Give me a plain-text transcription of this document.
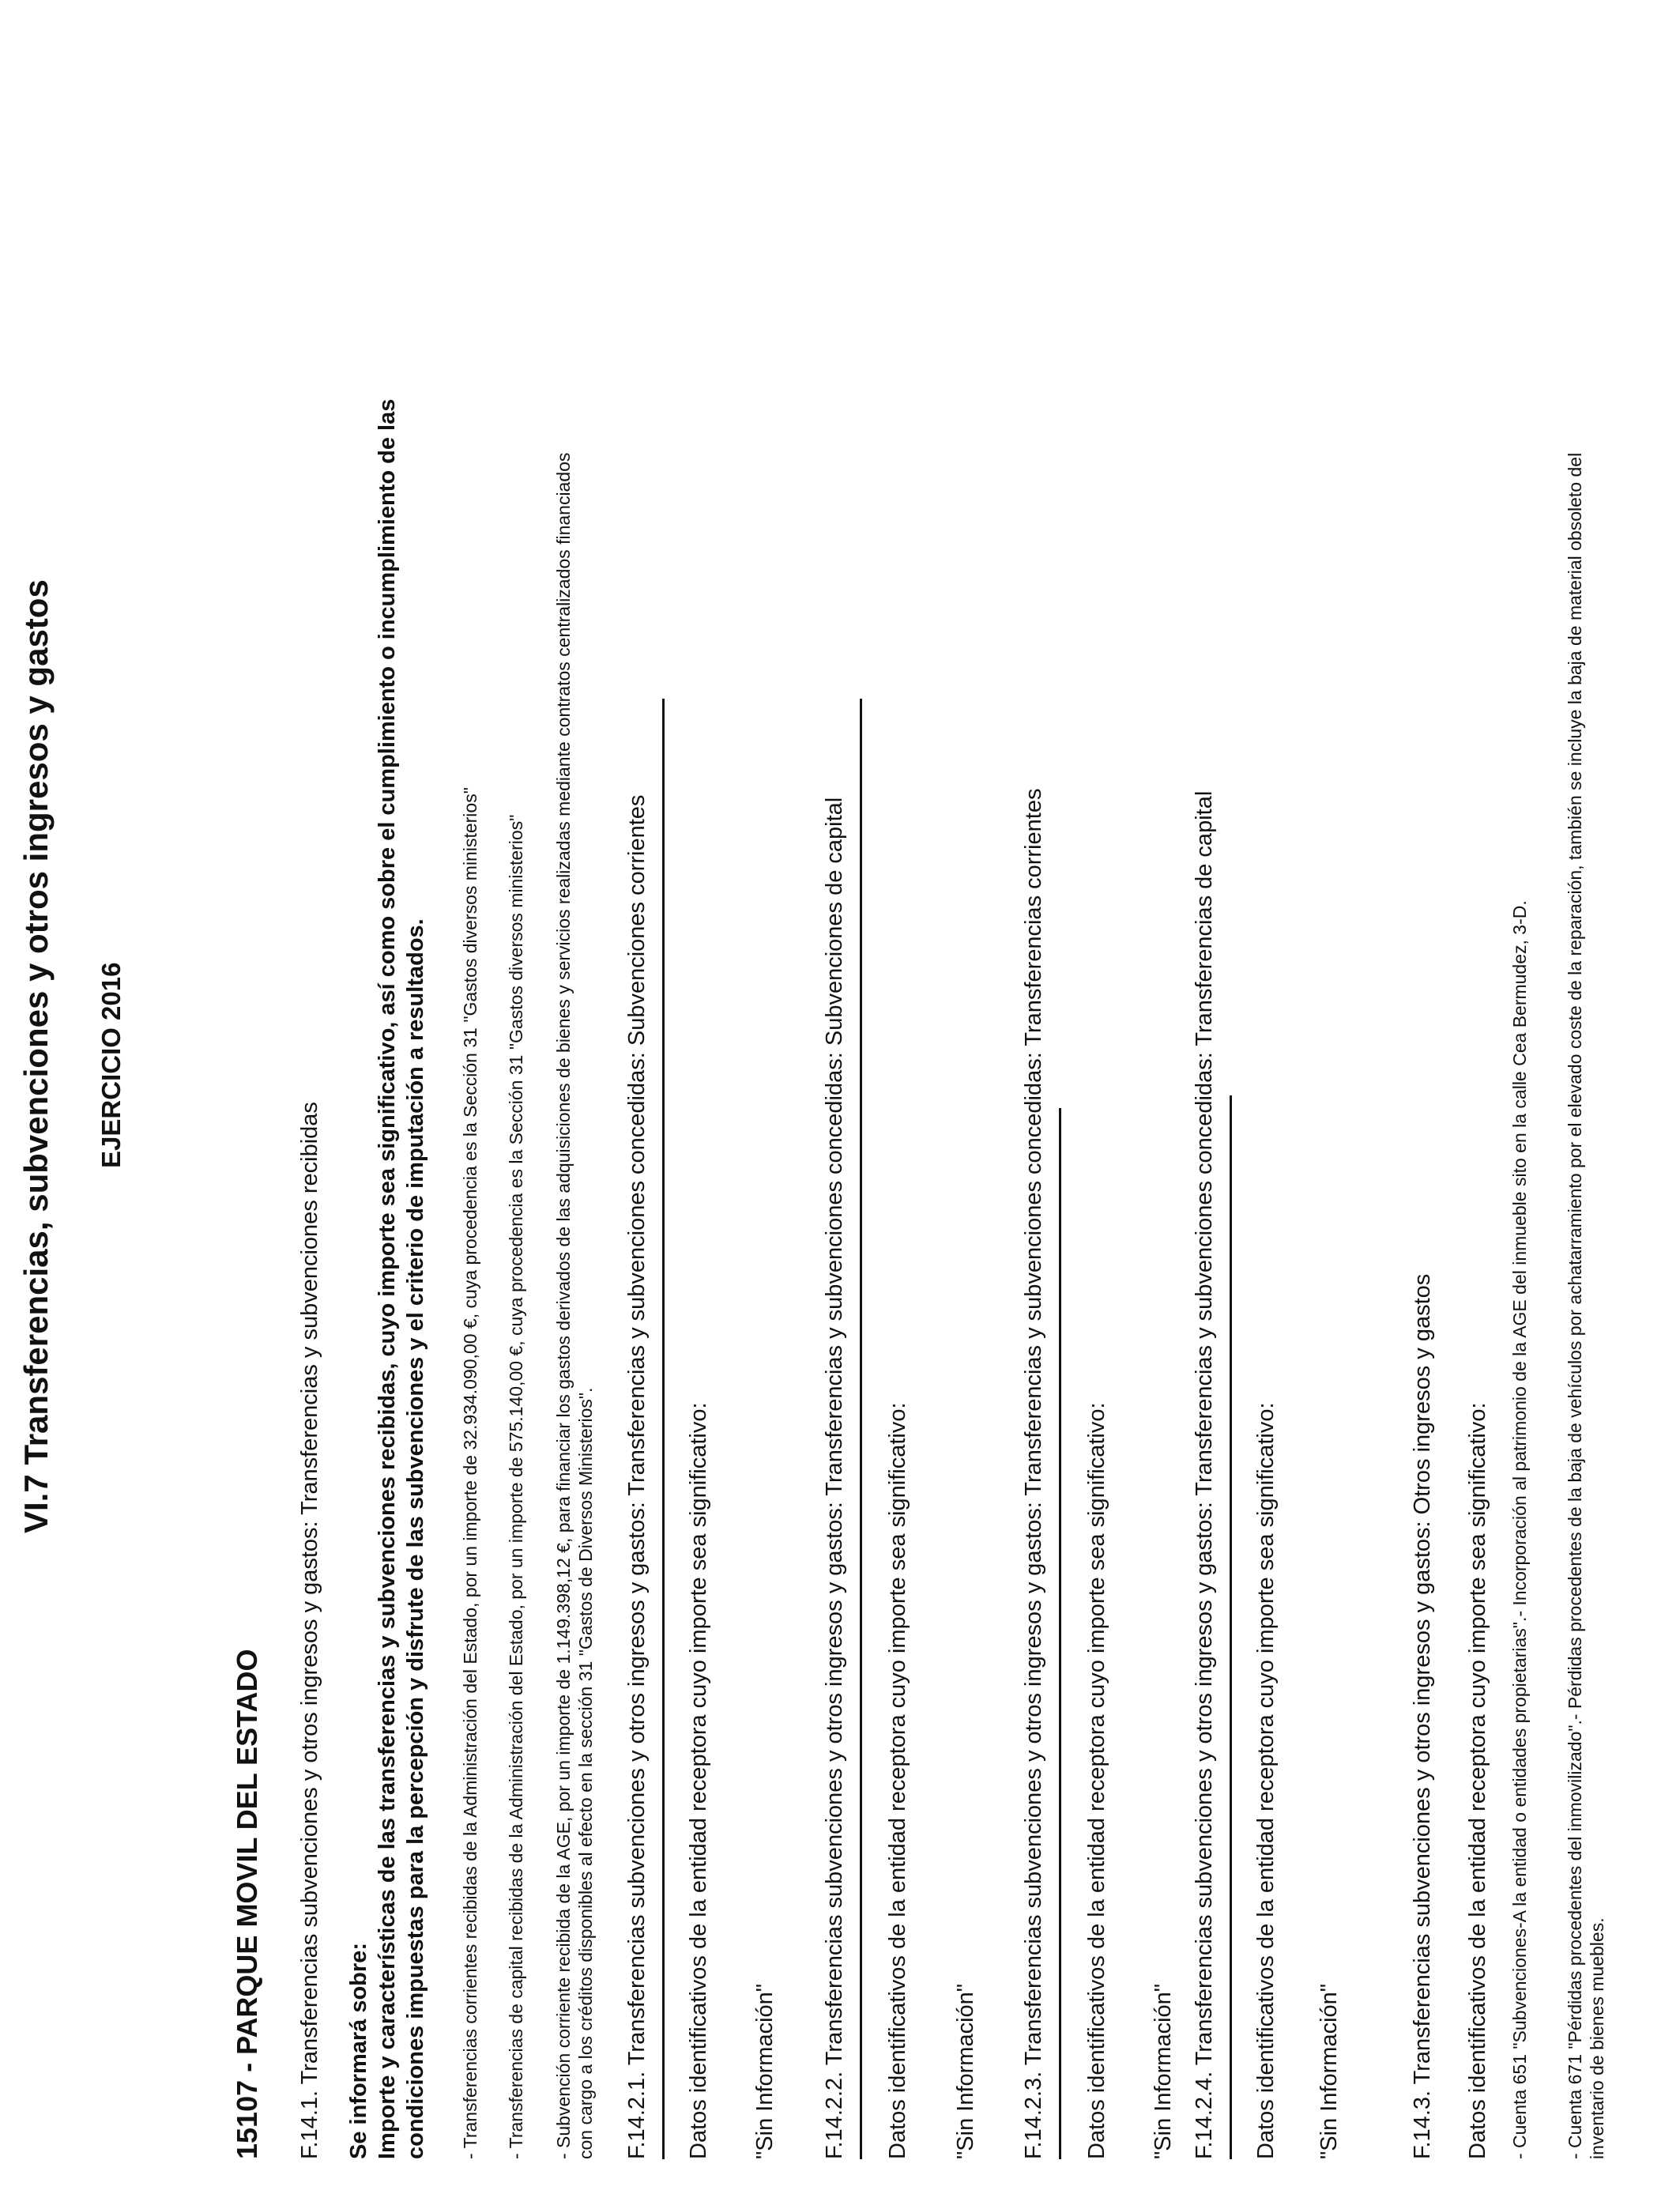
VI.7 Transferencias, subvenciones y otros ingresos y gastos EJERCICIO 2016
15107 - PARQUE MOVIL DEL ESTADO F.14.1. Transferencias subvenciones y otros ingresos y gastos: Transferencias y subvenciones recibidas Se informará sobre: Importe y características de las transferencias y subvenciones recibidas, cuyo importe sea significativo, así como sobre el cumplimiento o incumplimiento de las condiciones impuestas para la percepción y disfrute de las subvenciones y el criterio de imputación a resultados. - Transferencias corrientes recibidas de la Administración del Estado, por un importe de 32.934.090,00 €, cuya procedencia es la Sección 31 "Gastos diversos ministerios" - Transferencias de capital recibidas de la Administración del Estado, por un importe de 575.140,00 €, cuya procedencia es la Sección 31 "Gastos diversos ministerios" - Subvención corriente recibida de la AGE, por un importe de 1.149.398,12 €, para financiar los gastos derivados de las adquisiciones de bienes y servicios realizadas mediante contratos centralizados financiados con cargo a los créditos disponibles al efecto en la sección 31 "Gastos de Diversos Ministerios". F.14.2.1. Transferencias subvenciones y otros ingresos y gastos: Transferencias y subvenciones concedidas: Subvenciones corrientes Datos identificativos de la entidad receptora cuyo importe sea significativo: "Sin Información" F.14.2.2. Transferencias subvenciones y otros ingresos y gastos: Transferencias y subvenciones concedidas: Subvenciones de capital Datos identificativos de la entidad receptora cuyo importe sea significativo: "Sin Información" F.14.2.3. Transferencias subvenciones y otros ingresos y gastos: Transferencias y subvenciones concedidas: Transferencias corrientes Datos identificativos de la entidad receptora cuyo importe sea significativo: "Sin Información" F.14.2.4. Transferencias subvenciones y otros ingresos y gastos: Transferencias y subvenciones concedidas: Transferencias de capital Datos identificativos de la entidad receptora cuyo importe sea significativo: "Sin Información"	F.14.3. Transferencias subvenciones y otros ingresos y gastos: Otros ingresos y gastos Datos identificativos de la entidad receptora cuyo importe sea significativo: - Cuenta 651 "Subvenciones-A la entidad o entidades propietarias".- Incorporación al patrimonio de la AGE del inmueble sito en la calle Cea Bermudez, 3-D. - Cuenta 671 "Pérdidas procedentes del inmovilizado".- Pérdidas procedentes de la baja de vehículos por achatarramiento por el elevado coste de la reparación, también se incluye la baja de material obsoleto del inventario de bienes muebles.
